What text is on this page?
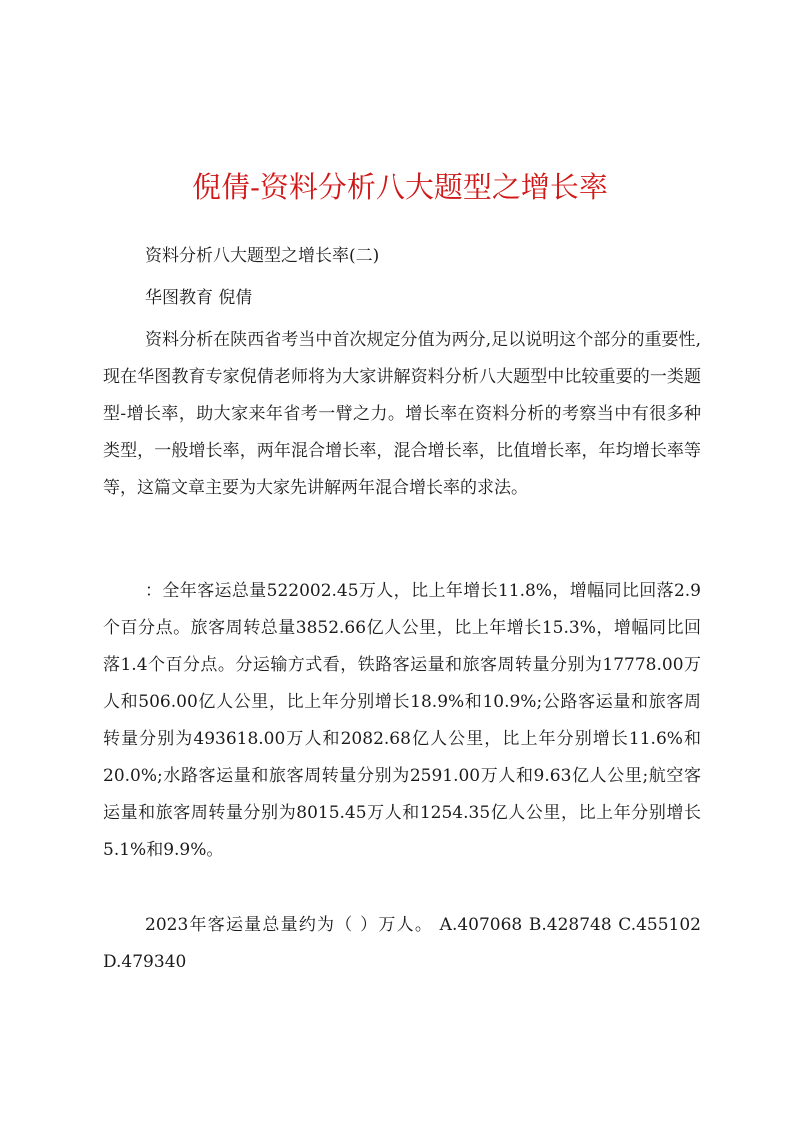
倪倩-资料分析八大题型之增长率

资料分析八大题型之增长率(二)

华图教育 倪倩

资料分析在陕西省考当中首次规定分值为两分,足以说明这个部分的重要性,现在华图教育专家倪倩老师将为大家讲解资料分析八大题型中比较重要的一类题型-增长率，助大家来年省考一臂之力。增长率在资料分析的考察当中有很多种类型，一般增长率，两年混合增长率，混合增长率，比值增长率，年均增长率等等，这篇文章主要为大家先讲解两年混合增长率的求法。

：全年客运总量522002.45万人，比上年增长11.8%，增幅同比回落2.9个百分点。旅客周转总量3852.66亿人公里，比上年增长15.3%，增幅同比回落1.4个百分点。分运输方式看，铁路客运量和旅客周转量分别为17778.00万人和506.00亿人公里，比上年分别增长18.9%和10.9%;公路客运量和旅客周转量分别为493618.00万人和2082.68亿人公里，比上年分别增长11.6%和20.0%;水路客运量和旅客周转量分别为2591.00万人和9.63亿人公里;航空客运量和旅客周转量分别为8015.45万人和1254.35亿人公里，比上年分别增长5.1%和9.9%。

2023年客运量总量约为（ ）万人。 A.407068 B.428748 C.455102 D.479340
